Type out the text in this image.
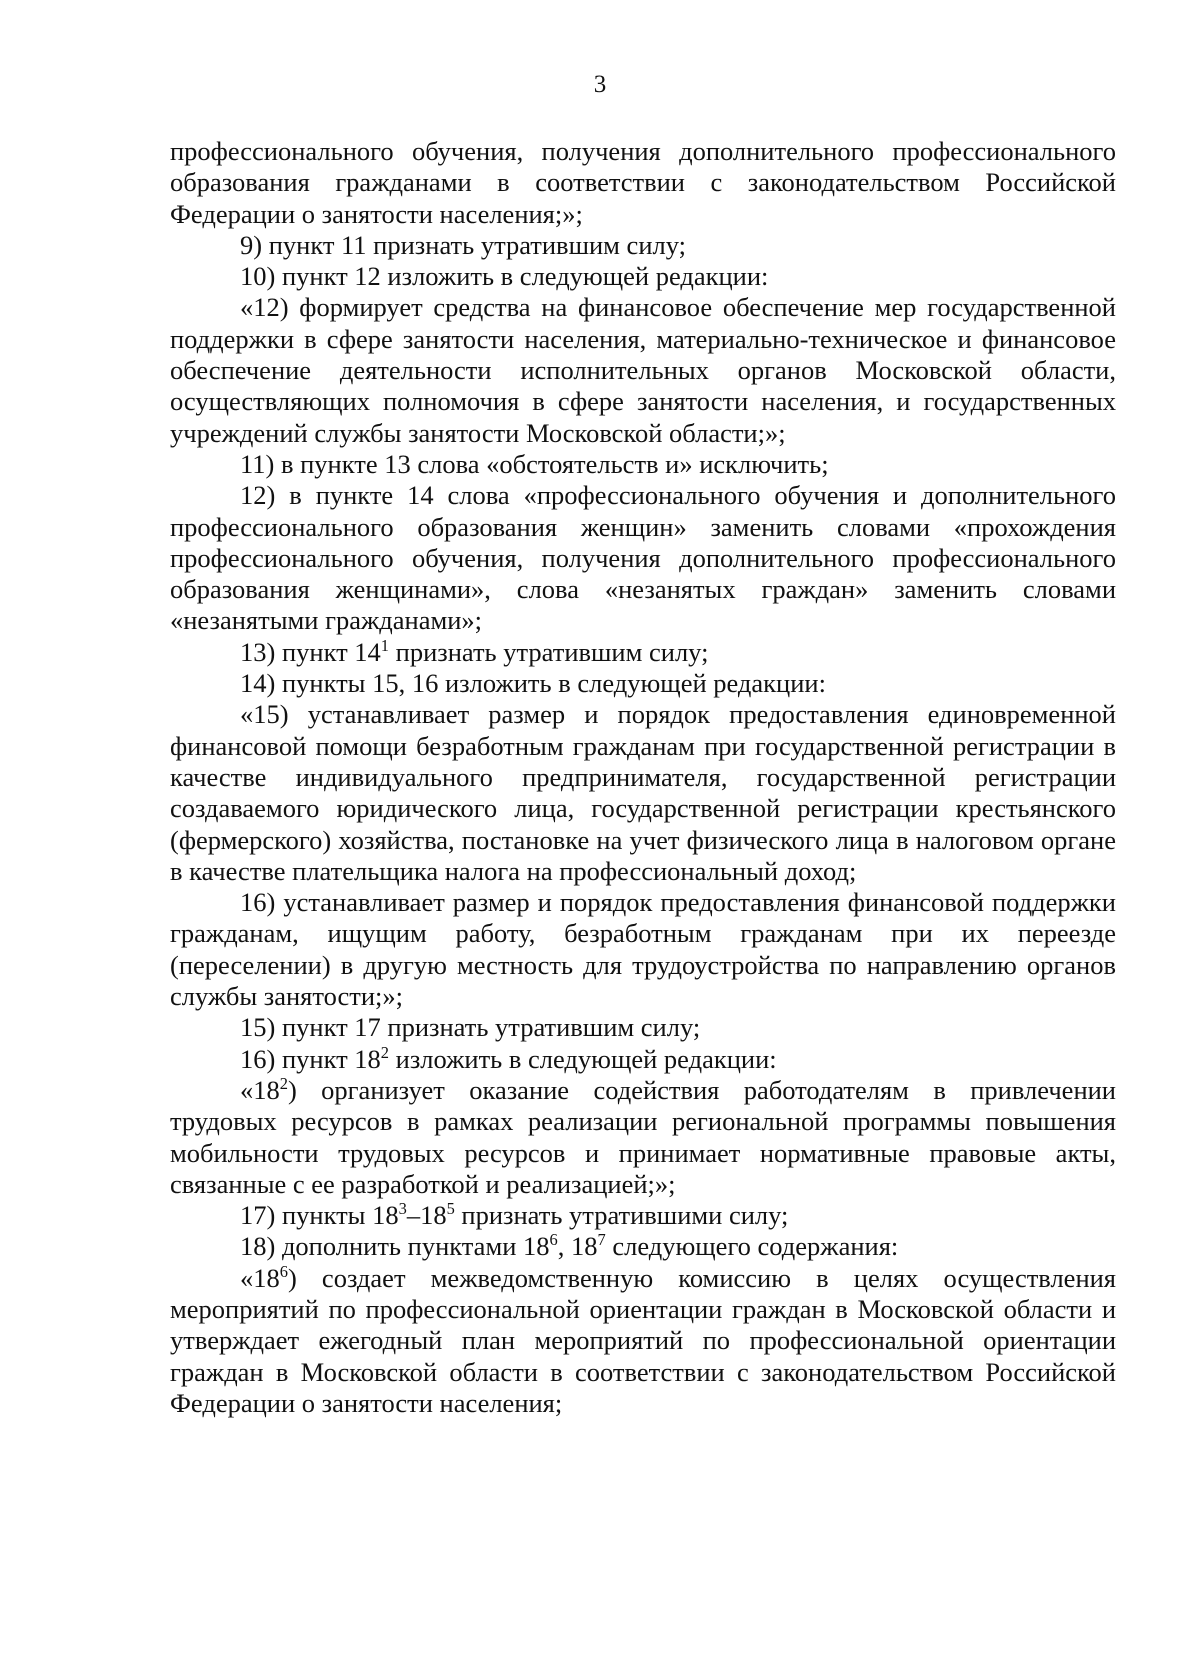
3

профессионального обучения, получения дополнительного профессионального образования гражданами в соответствии с законодательством Российской Федерации о занятости населения;»;

9) пункт 11 признать утратившим силу;

10) пункт 12 изложить в следующей редакции:

«12) формирует средства на финансовое обеспечение мер государственной поддержки в сфере занятости населения, материально-техническое и финансовое обеспечение деятельности исполнительных органов Московской области, осуществляющих полномочия в сфере занятости населения, и государственных учреждений службы занятости Московской области;»;

11) в пункте 13 слова «обстоятельств и» исключить;

12) в пункте 14 слова «профессионального обучения и дополнительного профессионального образования женщин» заменить словами «прохождения профессионального обучения, получения дополнительного профессионального образования женщинами», слова «незанятых граждан» заменить словами «незанятыми гражданами»;

13) пункт $14^1$ признать утратившим силу;

14) пункты 15, 16 изложить в следующей редакции:

«15) устанавливает размер и порядок предоставления единовременной финансовой помощи безработным гражданам при государственной регистрации в качестве индивидуального предпринимателя, государственной регистрации создаваемого юридического лица, государственной регистрации крестьянского (фермерского) хозяйства, постановке на учет физического лица в налоговом органе в качестве плательщика налога на профессиональный доход;

16) устанавливает размер и порядок предоставления финансовой поддержки гражданам, ищущим работу, безработным гражданам при их переезде (переселении) в другую местность для трудоустройства по направлению органов службы занятости;»;

15) пункт 17 признать утратившим силу;

16) пункт $18^2$ изложить в следующей редакции:

«$18^2$) организует оказание содействия работодателям в привлечении трудовых ресурсов в рамках реализации региональной программы повышения мобильности трудовых ресурсов и принимает нормативные правовые акты, связанные с ее разработкой и реализацией;»;

17) пункты $18^3-18^5$ признать утратившими силу;

18) дополнить пунктами $18^6$, $18^7$ следующего содержания:

«$18^6$) создает межведомственную комиссию в целях осуществления мероприятий по профессиональной ориентации граждан в Московской области и утверждает ежегодный план мероприятий по профессиональной ориентации граждан в Московской области в соответствии с законодательством Российской Федерации о занятости населения;
